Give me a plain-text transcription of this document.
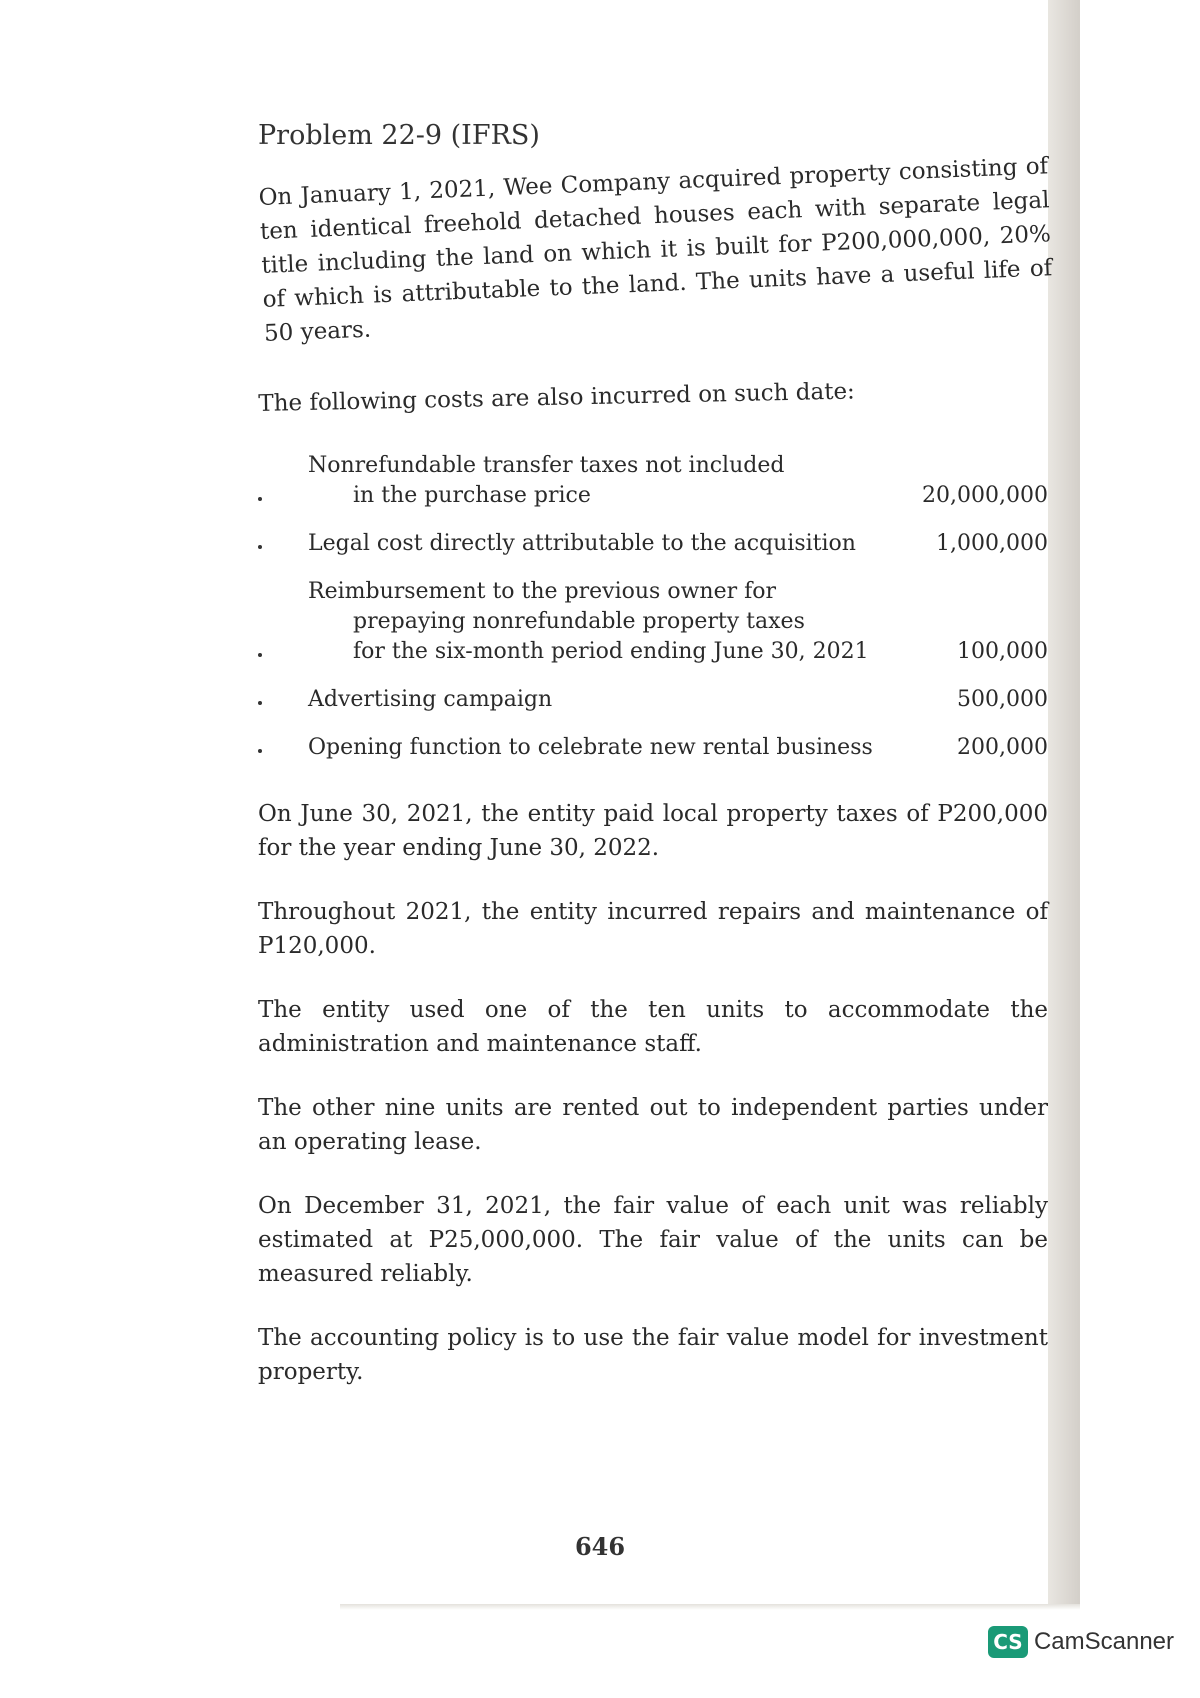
Problem 22-9 (IFRS)

On January 1, 2021, Wee Company acquired property consisting of ten identical freehold detached houses each with separate legal title including the land on which it is built for P200,000,000, 20% of which is attributable to the land. The units have a useful life of 50 years.

The following costs are also incurred on such date:

Nonrefundable transfer taxes not included
in the purchase price	20,000,000
Legal cost directly attributable to the acquisition	1,000,000
Reimbursement to the previous owner for
prepaying nonrefundable property taxes
for the six-month period ending June 30, 2021	100,000
Advertising campaign	500,000
Opening function to celebrate new rental business	200,000

On June 30, 2021, the entity paid local property taxes of P200,000 for the year ending June 30, 2022.

Throughout 2021, the entity incurred repairs and maintenance of P120,000.

The entity used one of the ten units to accommodate the administration and maintenance staff.

The other nine units are rented out to independent parties under an operating lease.

On December 31, 2021, the fair value of each unit was reliably estimated at P25,000,000. The fair value of the units can be measured reliably.

The accounting policy is to use the fair value model for investment property.

646
CS CamScanner
